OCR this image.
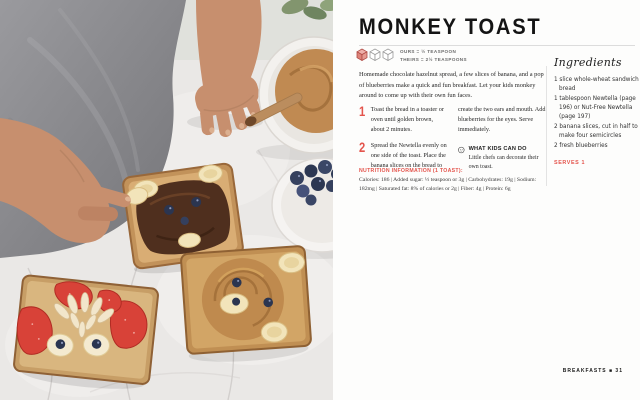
MONKEY TOAST
OURS = ½ TEASPOON
THEIRS = 2½ TEASPOONS

Homemade chocolate hazelnut spread, a few slices of banana, and a pop of blueberries make a quick and fun breakfast. Let your kids monkey around to come up with their own fun faces.

1 Toast the bread in a toaster or oven until golden brown, about 2 minutes.
2 Spread the Newtella evenly on one side of the toast. Place the banana slices on the bread to
create the two ears and mouth. Add blueberries for the eyes. Serve immediately.
WHAT KIDS CAN DO
Little chefs can decorate their own toast.
NUTRITION INFORMATION (1 TOAST):
Calories: 186 | Added sugar: ½ teaspoon or 3g | Carbohydrates: 19g | Sodium: 182mg | Saturated fat: 8% of calories or 2g | Fiber: 4g | Protein: 6g
Ingredients
1 slice whole-wheat sandwich bread
1 tablespoon Newtella (page 196) or Nut-Free Newtella (page 197)
2 banana slices, cut in half to make four semicircles
2 fresh blueberries
SERVES 1
BREAKFASTS ■ 31
